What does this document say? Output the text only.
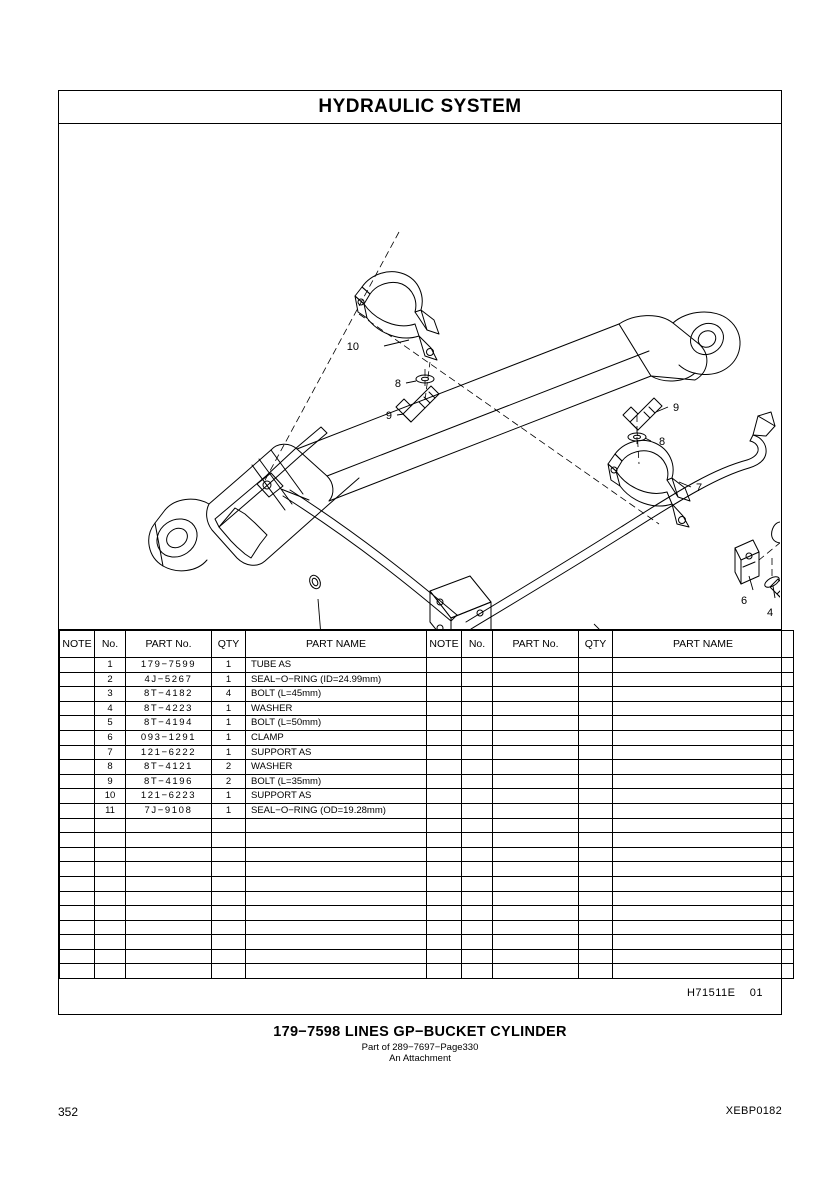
HYDRAULIC SYSTEM
10
8
9
9
8
7
6
4
NOTE	No.	PART No.	QTY	PART NAME	NOTE	No.	PART No.	QTY	PART NAME
	1	179−7599	1	TUBE AS					
	2	4J−5267	1	SEAL−O−RING (ID=24.99mm)					
	3	8T−4182	4	BOLT (L=45mm)					
	4	8T−4223	1	WASHER					
	5	8T−4194	1	BOLT (L=50mm)					
	6	093−1291	1	CLAMP					
	7	121−6222	1	SUPPORT AS					
	8	8T−4121	2	WASHER					
	9	8T−4196	2	BOLT (L=35mm)					
	10	121−6223	1	SUPPORT AS					
	11	7J−9108	1	SEAL−O−RING (OD=19.28mm)					

H71511E 01
179−7598 LINES GP−BUCKET CYLINDER
Part of 289−7697−Page330
An Attachment
352	XEBP0182
